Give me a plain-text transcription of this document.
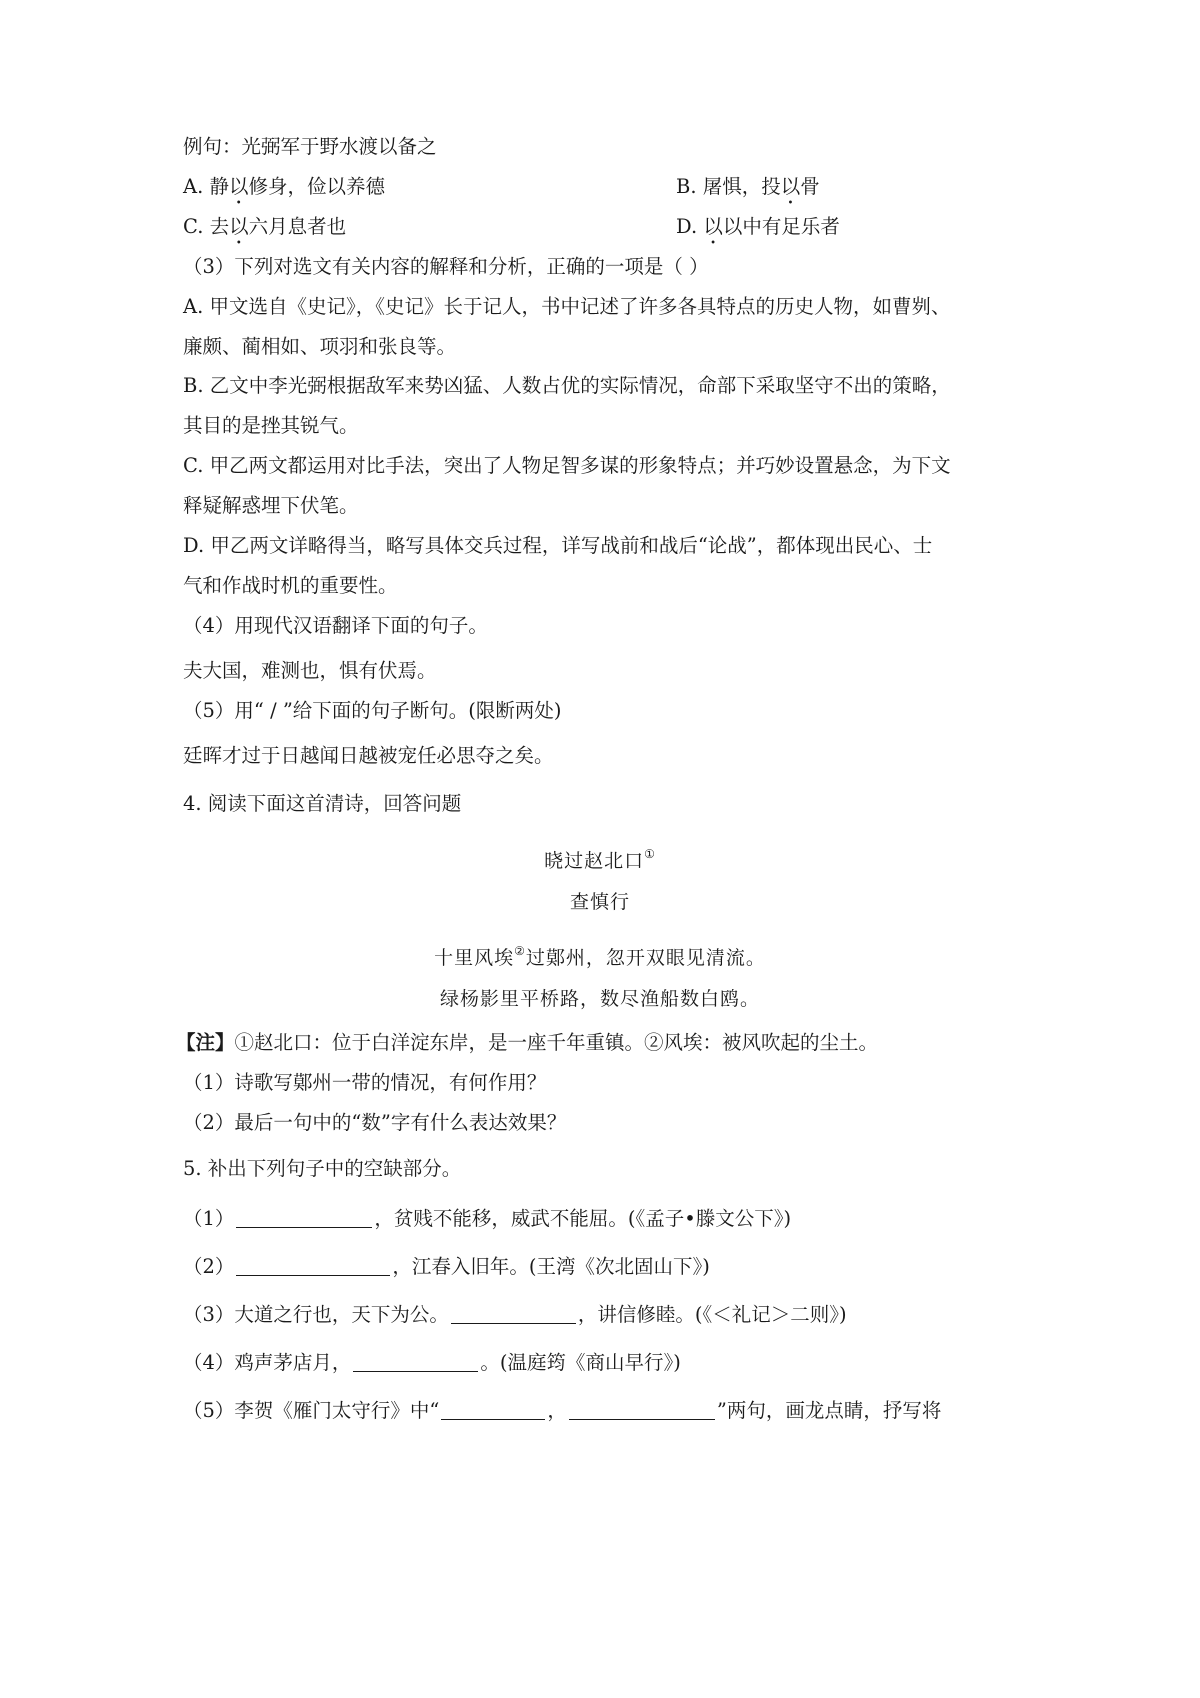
例句：光弼军于野水渡以备之
A. 静以修身，俭以养德	B. 屠惧，投以骨
C. 去以六月息者也	D. 以以中有足乐者
（3）下列对选文有关内容的解释和分析，正确的一项是（ ）
A. 甲文选自《史记》，《史记》长于记人，书中记述了许多各具特点的历史人物，如曹刿、
廉颇、蔺相如、项羽和张良等。
B. 乙文中李光弼根据敌军来势凶猛、人数占优的实际情况，命部下采取坚守不出的策略，
其目的是挫其锐气。
C. 甲乙两文都运用对比手法，突出了人物足智多谋的形象特点；并巧妙设置悬念，为下文
释疑解惑埋下伏笔。
D. 甲乙两文详略得当，略写具体交兵过程，详写战前和战后“论战”，都体现出民心、士
气和作战时机的重要性。
（4）用现代汉语翻译下面的句子。
夫大国，难测也，惧有伏焉。
（5）用“ / ”给下面的句子断句。(限断两处)
廷晖才过于日越闻日越被宠任必思夺之矣。
4. 阅读下面这首清诗，回答问题
晓过赵北口①
查慎行
十里风埃②过鄚州，忽开双眼见清流。
绿杨影里平桥路，数尽渔船数白鸥。
【注】①赵北口：位于白洋淀东岸，是一座千年重镇。②风埃：被风吹起的尘土。
（1）诗歌写鄚州一带的情况，有何作用？
（2）最后一句中的“数”字有什么表达效果？
5. 补出下列句子中的空缺部分。
（1）	，贫贱不能移，威武不能屈。(《孟子•滕文公下》)
（2）	，江春入旧年。(王湾《次北固山下》)
（3）大道之行也，天下为公。	，讲信修睦。(《＜礼记＞二则》)
（4）鸡声茅店月，	。(温庭筠《商山早行》)
（5）李贺《雁门太守行》中“	，	”两句，画龙点睛，抒写将
